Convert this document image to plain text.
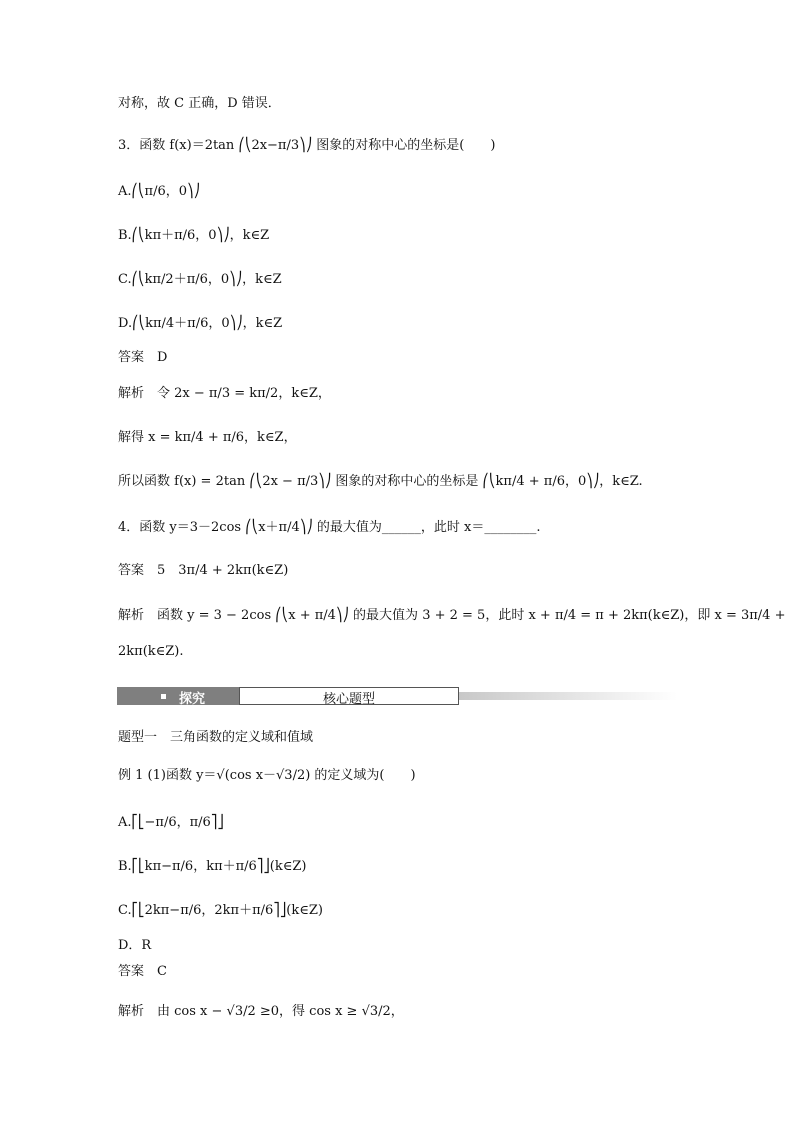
对称，故 C 正确，D 错误．
3．函数 f(x)＝2tan ⎛⎝2x−π/3⎞⎠ 图象的对称中心的坐标是(　　)
A.⎛⎝π/6，0⎞⎠
B.⎛⎝kπ＋π/6，0⎞⎠，k∈Z
C.⎛⎝kπ/2＋π/6，0⎞⎠，k∈Z
D.⎛⎝kπ/4＋π/6，0⎞⎠，k∈Z
答案　D
解析　令 2x − π/3 = kπ/2，k∈Z，
解得 x = kπ/4 + π/6，k∈Z，
所以函数 f(x) = 2tan ⎛⎝2x − π/3⎞⎠ 图象的对称中心的坐标是 ⎛⎝kπ/4 + π/6，0⎞⎠，k∈Z.
4．函数 y＝3－2cos ⎛⎝x＋π/4⎞⎠ 的最大值为______，此时 x＝________.
答案　5　3π/4 + 2kπ(k∈Z)
解析　函数 y = 3 − 2cos ⎛⎝x + π/4⎞⎠ 的最大值为 3 + 2 = 5，此时 x + π/4 = π + 2kπ(k∈Z)，即 x = 3π/4 +
2kπ(k∈Z).
探究	核心题型
题型一　三角函数的定义域和值域
例 1 (1)函数 y＝√(cos x－√3/2) 的定义域为(　　)
A.⎡⎣−π/6，π/6⎤⎦
B.⎡⎣kπ−π/6，kπ＋π/6⎤⎦(k∈Z)
C.⎡⎣2kπ−π/6，2kπ＋π/6⎤⎦(k∈Z)
D．R
答案　C
解析　由 cos x − √3/2 ≥0，得 cos x ≥ √3/2，
